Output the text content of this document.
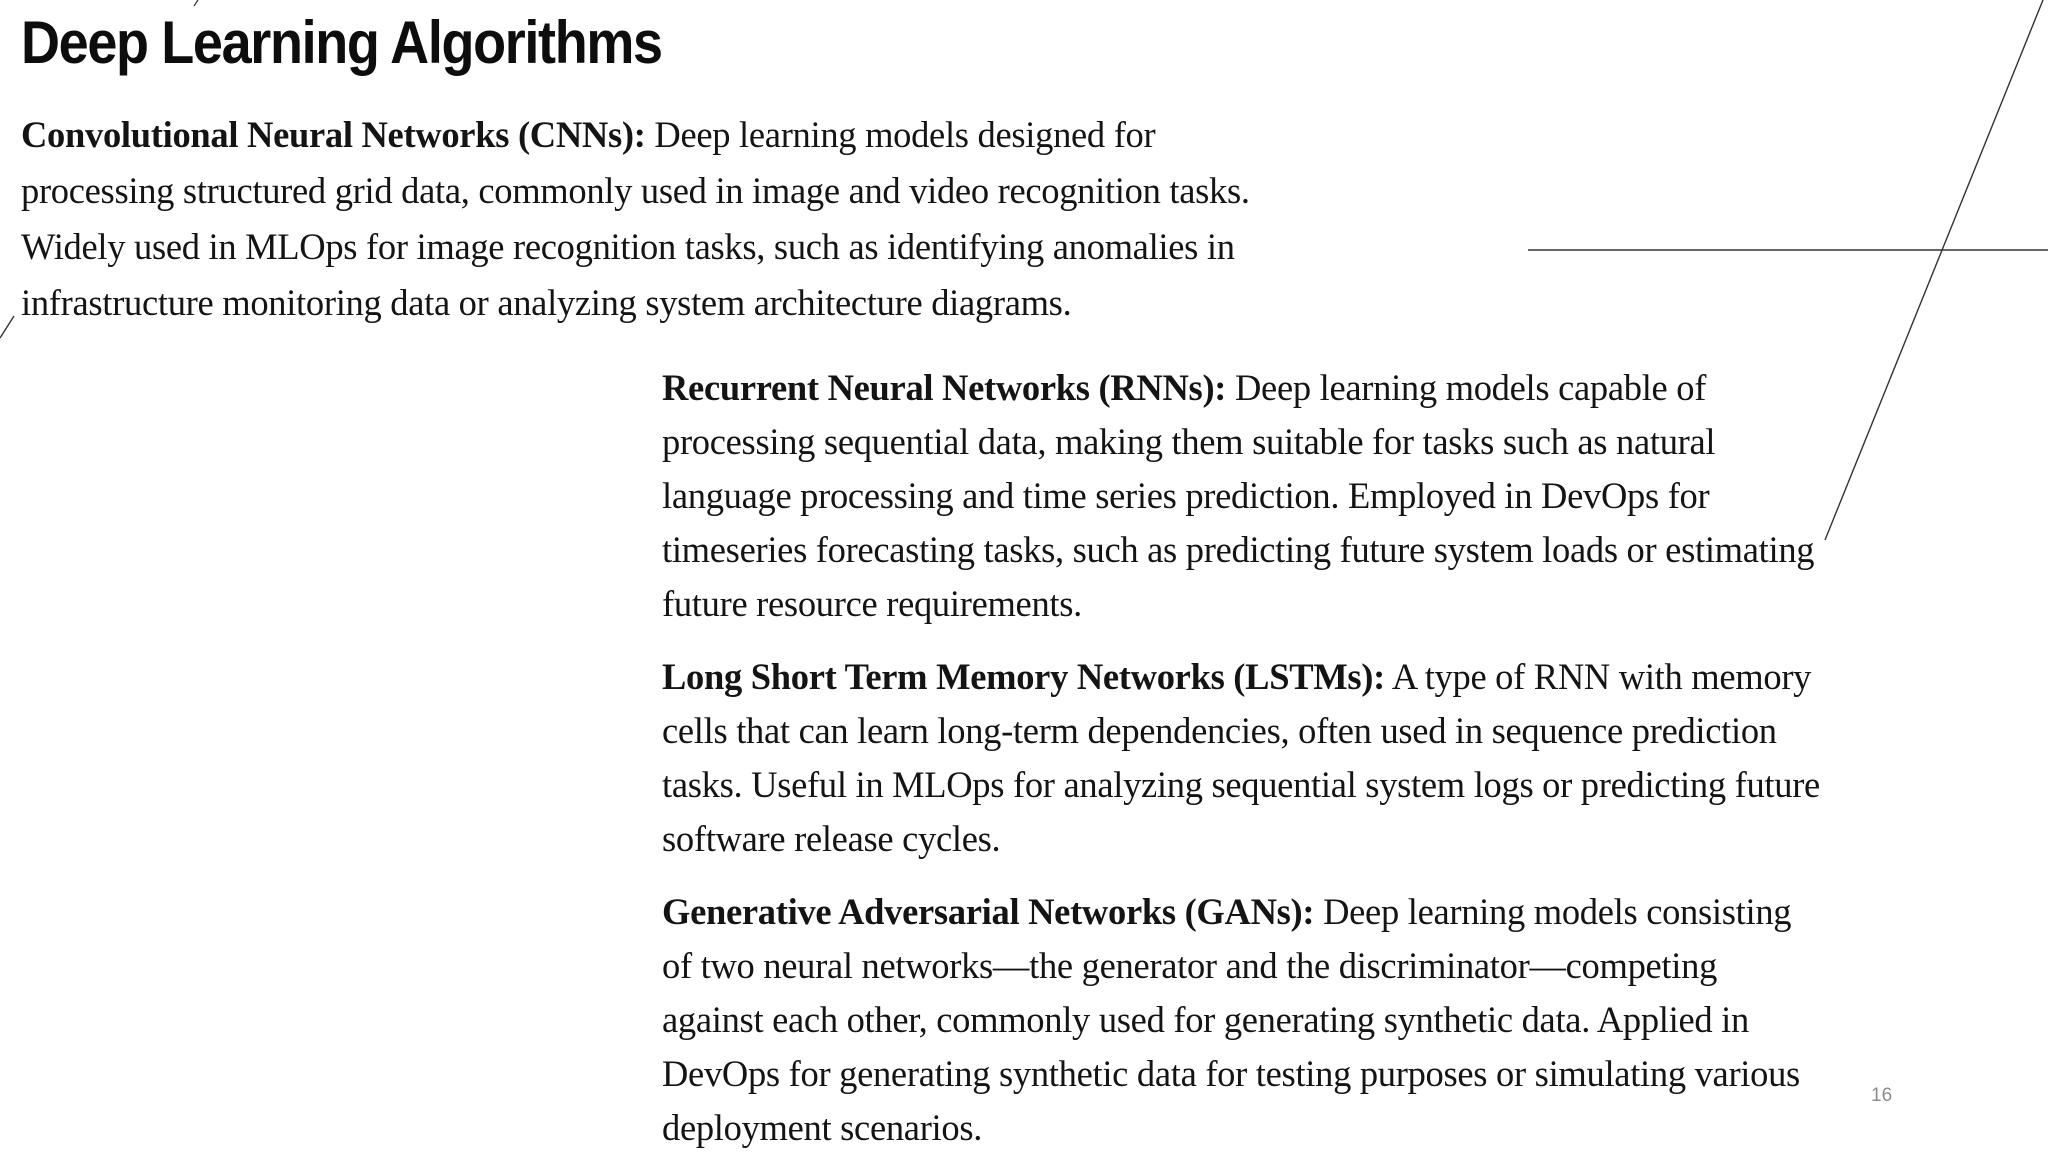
Deep Learning Algorithms

Convolutional Neural Networks (CNNs): Deep learning models designed for processing structured grid data, commonly used in image and video recognition tasks. Widely used in MLOps for image recognition tasks, such as identifying anomalies in infrastructure monitoring data or analyzing system architecture diagrams.

Recurrent Neural Networks (RNNs): Deep learning models capable of processing sequential data, making them suitable for tasks such as natural language processing and time series prediction. Employed in DevOps for timeseries forecasting tasks, such as predicting future system loads or estimating future resource requirements.

Long Short Term Memory Networks (LSTMs): A type of RNN with memory cells that can learn long-term dependencies, often used in sequence prediction tasks. Useful in MLOps for analyzing sequential system logs or predicting future software release cycles.

Generative Adversarial Networks (GANs): Deep learning models consisting of two neural networks—the generator and the discriminator—competing against each other, commonly used for generating synthetic data. Applied in DevOps for generating synthetic data for testing purposes or simulating various deployment scenarios.

16
